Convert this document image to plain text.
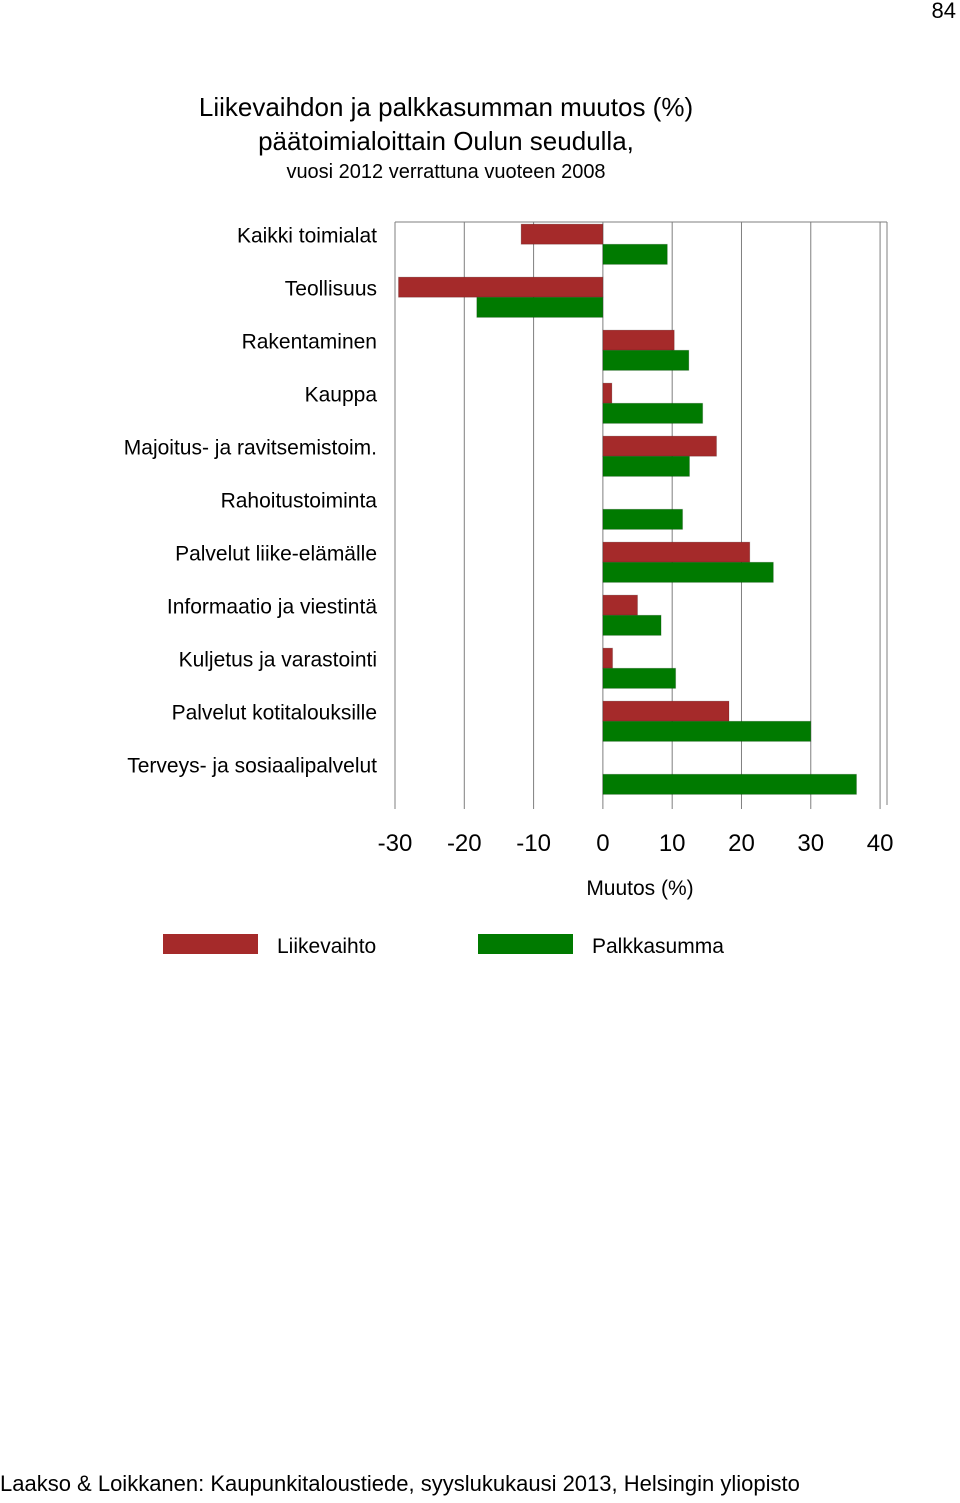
84
Liikevaihdon ja palkkasumman muutos (%)
päätoimialoittain Oulun seudulla,
vuosi 2012 verrattuna vuoteen 2008
Kaikki toimialat
Teollisuus
Rakentaminen
Kauppa
Majoitus- ja ravitsemistoim.
Rahoitustoiminta
Palvelut liike-elämälle
Informaatio ja viestintä
Kuljetus ja varastointi
Palvelut kotitalouksille
Terveys- ja sosiaalipalvelut
-30 -20 -10 0 10 20 30 40
Muutos (%)
Liikevaihto	Palkkasumma
Laakso & Loikkanen: Kaupunkitaloustiede, syyslukukausi 2013, Helsingin yliopisto
